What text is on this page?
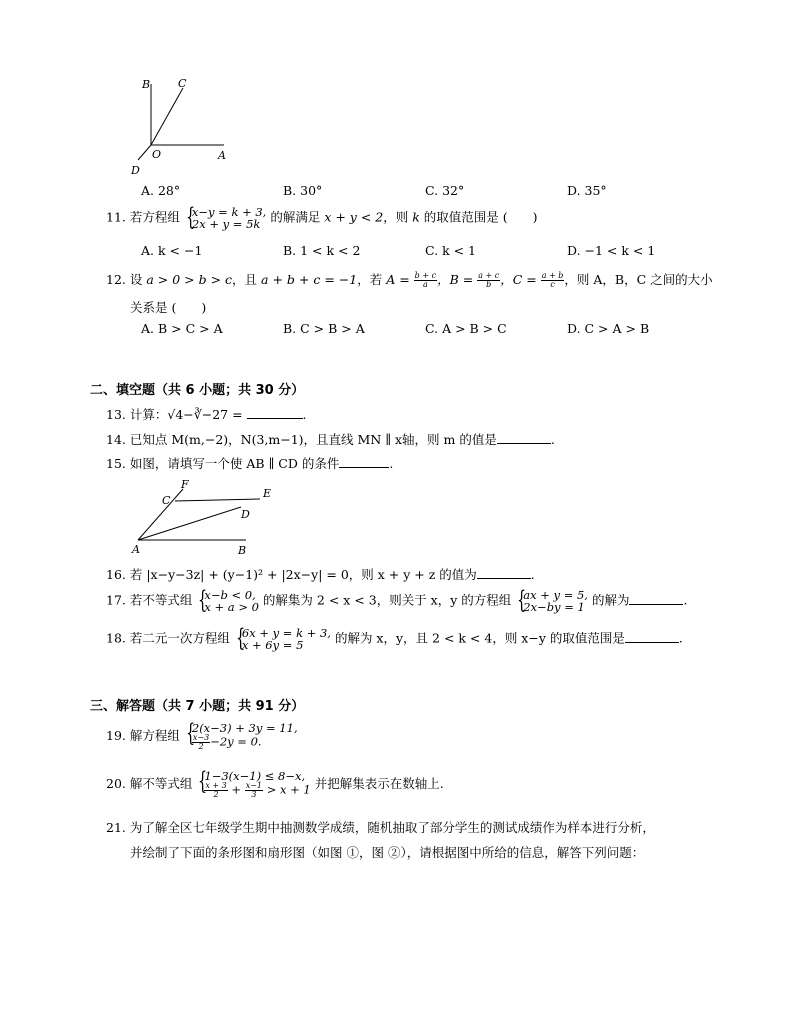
B	C
O	A
D
A. 28°	B. 30°	C. 32°	D. 35°
11. 若方程组 { x−y = k + 3,
2x + y = 5k 的解满足 x + y < 2，则 k 的取值范围是 (　　)
A. k < −1	B. 1 < k < 2	C. k < 1	D. −1 < k < 1
12. 设 a > 0 > b > c，且 a + b + c = −1，若 $A = \frac{b + c}{a}$ ，$B = \frac{a + c}{b}$ ，$C = \frac{a + b}{c}$ ，则 A，B，C 之间的大小
关系是 (　　)
A. B > C > A	B. C > B > A	C. A > B > C	D. C > A > B
二、填空题（共 6 小题；共 30 分）
13. 计算：√4−∛−27 =	.
14. 已知点 M(m,−2)，N(3,m−1)，且直线 MN ∥ x轴，则 m 的值是	.
15. 如图，请填写一个使 AB ∥ CD 的条件	.
F
C
E
D
A	B
16. 若 |x−y−3z| + (y−1)² + |2x−y| = 0，则 x + y + z 的值为	.
17. 若不等式组 { x−b < 0,
x + a > 0 的解集为 2 < x < 3，则关于 x，y 的方程组 { ax + y = 5,
2x−by = 1 的解为	.
18. 若二元一次方程组 { 6x + y = k + 3,
x + 6y = 5	的解为 x，y，且 2 < k < 4，则 x−y 的取值范围是	.
三、解答题（共 7 小题；共 91 分）
19. 解方程组 { 2(x−3) + 3y = 11,
$\frac{x-3}{2} -2y = 0$.
20. 解不等式组 { 1−3(x−1) ≤ 8−x,
$\frac{x + 3}{2} + \frac{x-1}{3} > x + 1$ 并把解集表示在数轴上.
21. 为了解全区七年级学生期中抽测数学成绩，随机抽取了部分学生的测试成绩作为样本进行分析，
并绘制了下面的条形图和扇形图（如图 ①，图 ②），请根据图中所给的信息，解答下列问题：
